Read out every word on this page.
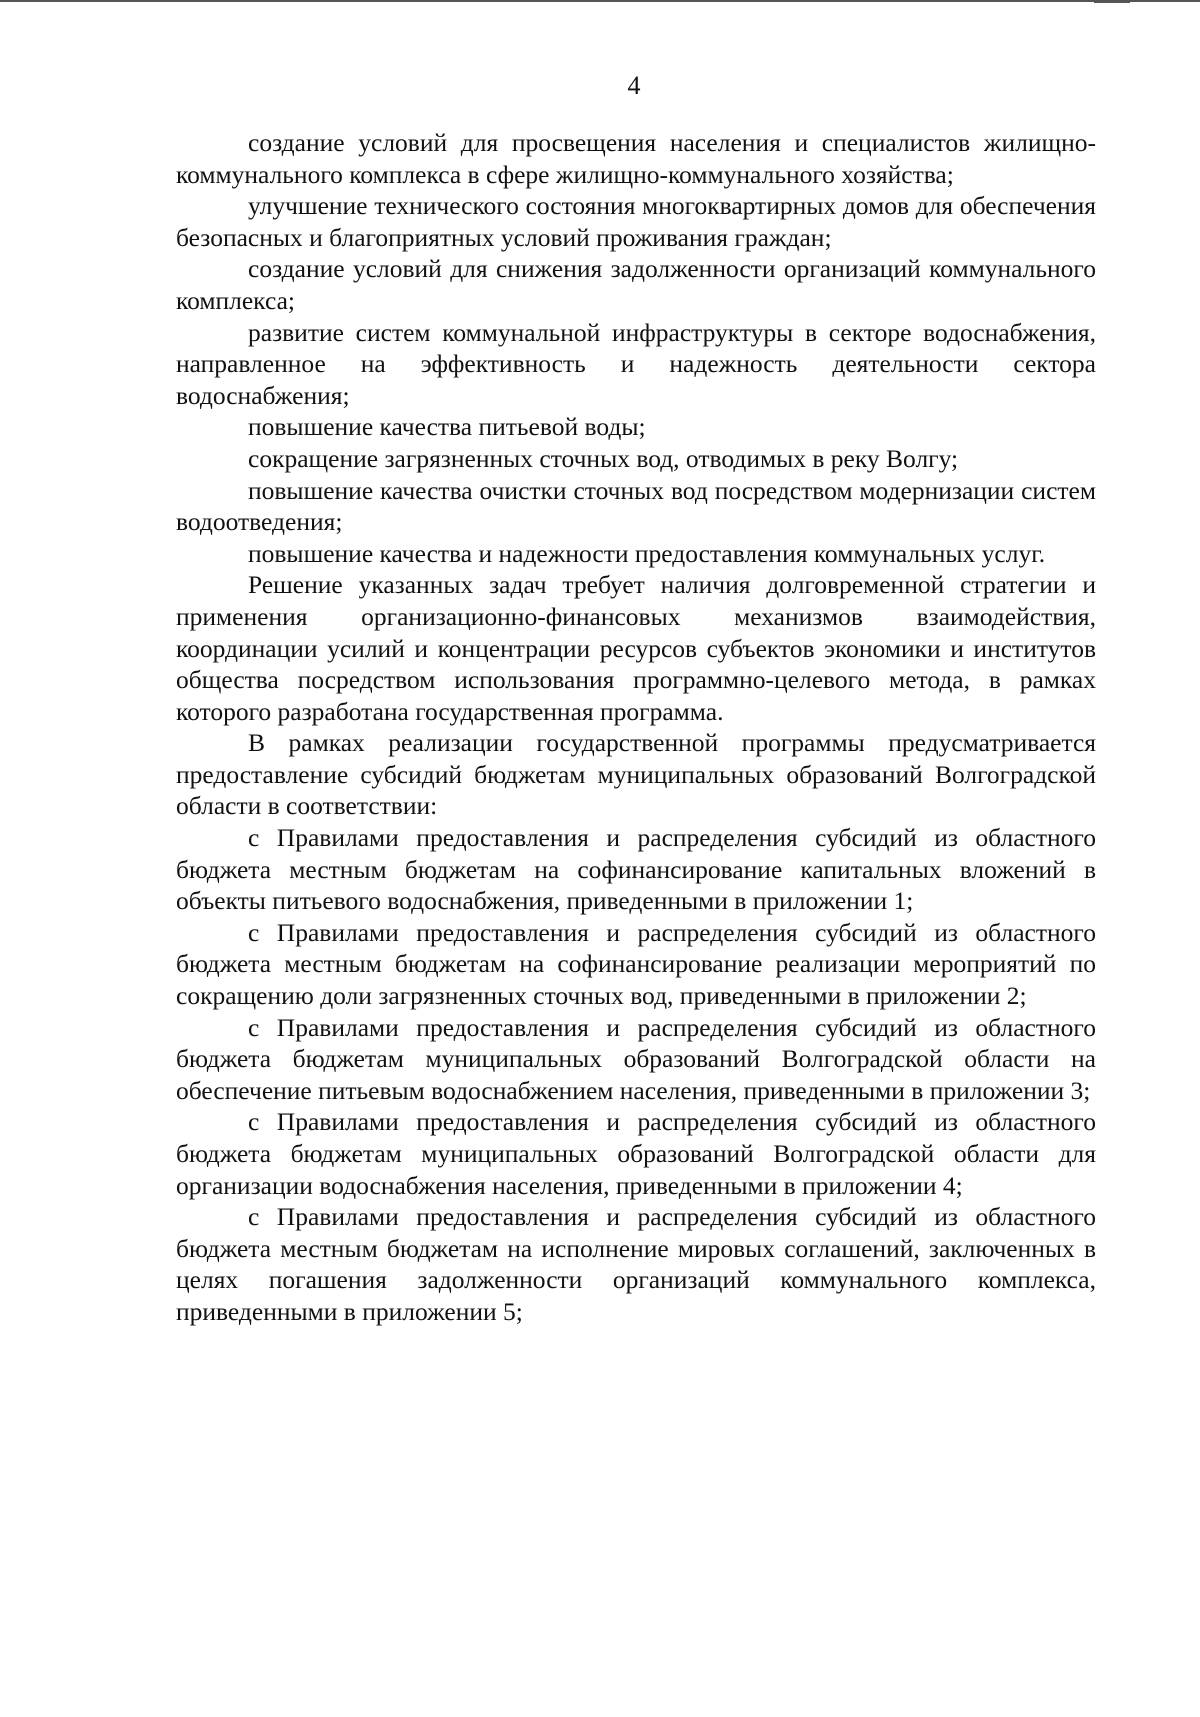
4

создание условий для просвещения населения и специалистов жилищно-коммунального комплекса в сфере жилищно-коммунального хозяйства;

улучшение технического состояния многоквартирных домов для обеспечения безопасных и благоприятных условий проживания граждан;

создание условий для снижения задолженности организаций коммунального комплекса;

развитие систем коммунальной инфраструктуры в секторе водоснабжения, направленное на эффективность и надежность деятельности сектора водоснабжения;

повышение качества питьевой воды;

сокращение загрязненных сточных вод, отводимых в реку Волгу;

повышение качества очистки сточных вод посредством модернизации систем водоотведения;

повышение качества и надежности предоставления коммунальных услуг.

Решение указанных задач требует наличия долговременной стратегии и применения организационно-финансовых механизмов взаимодействия, координации усилий и концентрации ресурсов субъектов экономики и институтов общества посредством использования программно-целевого метода, в рамках которого разработана государственная программа.

В рамках реализации государственной программы предусматривается предоставление субсидий бюджетам муниципальных образований Волгоградской области в соответствии:

с Правилами предоставления и распределения субсидий из областного бюджета местным бюджетам на софинансирование капитальных вложений в объекты питьевого водоснабжения, приведенными в приложении 1;

с Правилами предоставления и распределения субсидий из областного бюджета местным бюджетам на софинансирование реализации мероприятий по сокращению доли загрязненных сточных вод, приведенными в приложении 2;

с Правилами предоставления и распределения субсидий из областного бюджета бюджетам муниципальных образований Волгоградской области на обеспечение питьевым водоснабжением населения, приведенными в приложении 3;

с Правилами предоставления и распределения субсидий из областного бюджета бюджетам муниципальных образований Волгоградской области для организации водоснабжения населения, приведенными в приложении 4;

с Правилами предоставления и распределения субсидий из областного бюджета местным бюджетам на исполнение мировых соглашений, заключенных в целях погашения задолженности организаций коммунального комплекса, приведенными в приложении 5;
